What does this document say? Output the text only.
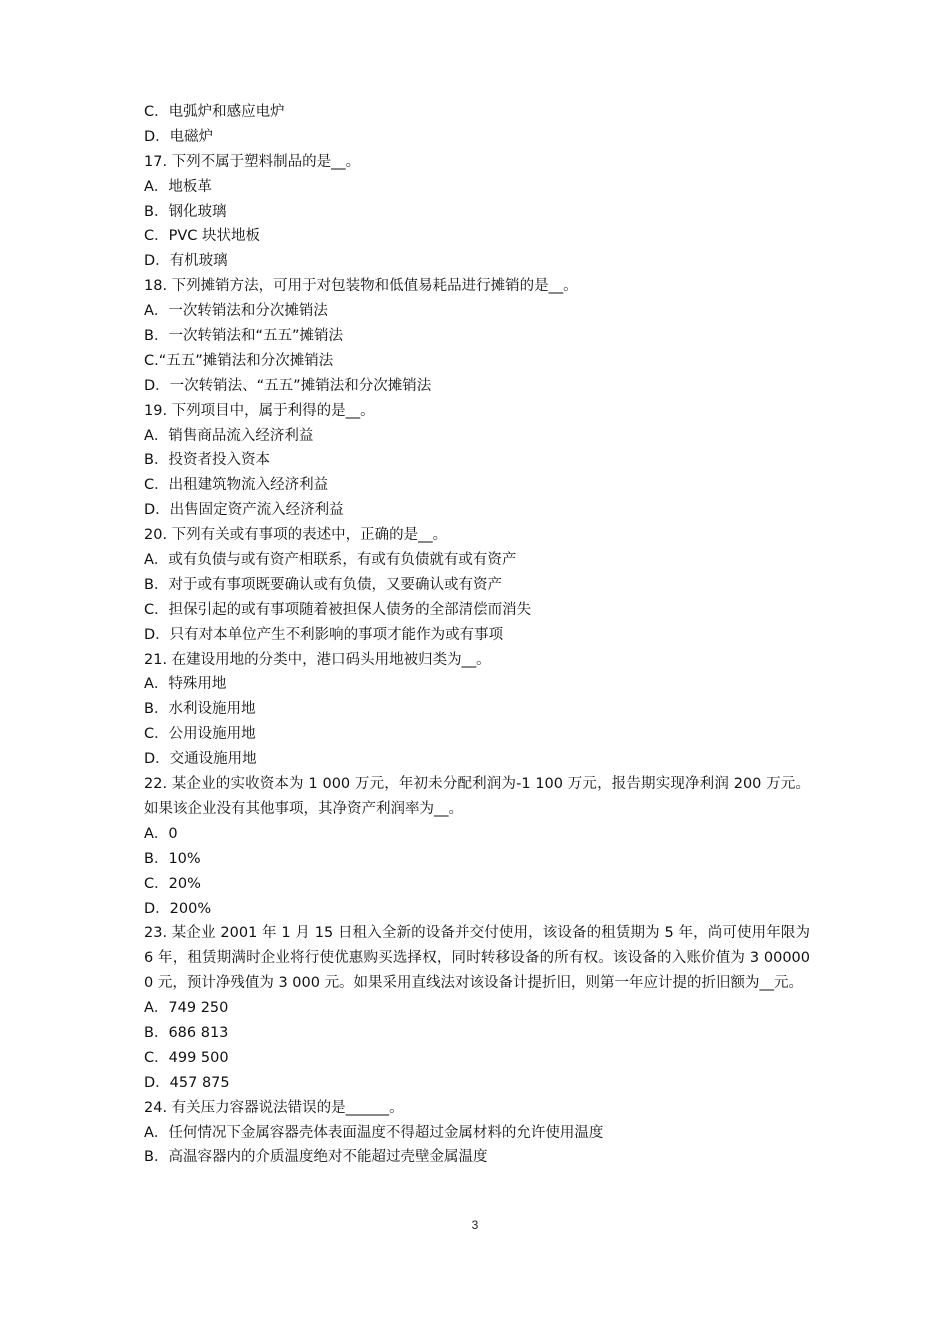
C．电弧炉和感应电炉
D．电磁炉
17. 下列不属于塑料制品的是__。
A．地板革
B．钢化玻璃
C．PVC 块状地板
D．有机玻璃
18. 下列摊销方法，可用于对包装物和低值易耗品进行摊销的是__。
A．一次转销法和分次摊销法
B．一次转销法和“五五”摊销法
C.“五五”摊销法和分次摊销法
D．一次转销法、“五五”摊销法和分次摊销法
19. 下列项目中，属于利得的是__。
A．销售商品流入经济利益
B．投资者投入资本
C．出租建筑物流入经济利益
D．出售固定资产流入经济利益
20. 下列有关或有事项的表述中，正确的是__。
A．或有负债与或有资产相联系，有或有负债就有或有资产
B．对于或有事项既要确认或有负债，又要确认或有资产
C．担保引起的或有事项随着被担保人债务的全部清偿而消失
D．只有对本单位产生不利影响的事项才能作为或有事项
21. 在建设用地的分类中，港口码头用地被归类为__。
A．特殊用地
B．水利设施用地
C．公用设施用地
D．交通设施用地
22. 某企业的实收资本为 1 000 万元，年初未分配利润为-1 100 万元，报告期实现净利润 200 万元。如果该企业没有其他事项，其净资产利润率为__。
A．0
B．10%
C．20%
D．200%
23. 某企业 2001 年 1 月 15 日租入全新的设备并交付使用，该设备的租赁期为 5 年，尚可使用年限为 6 年，租赁期满时企业将行使优惠购买选择权，同时转移设备的所有权。该设备的入账价值为 3 000000 元，预计净残值为 3 000 元。如果采用直线法对该设备计提折旧，则第一年应计提的折旧额为__元。
A．749 250
B．686 813
C．499 500
D．457 875
24. 有关压力容器说法错误的是______。
A．任何情况下金属容器壳体表面温度不得超过金属材料的允许使用温度
B．高温容器内的介质温度绝对不能超过壳壁金属温度
3
